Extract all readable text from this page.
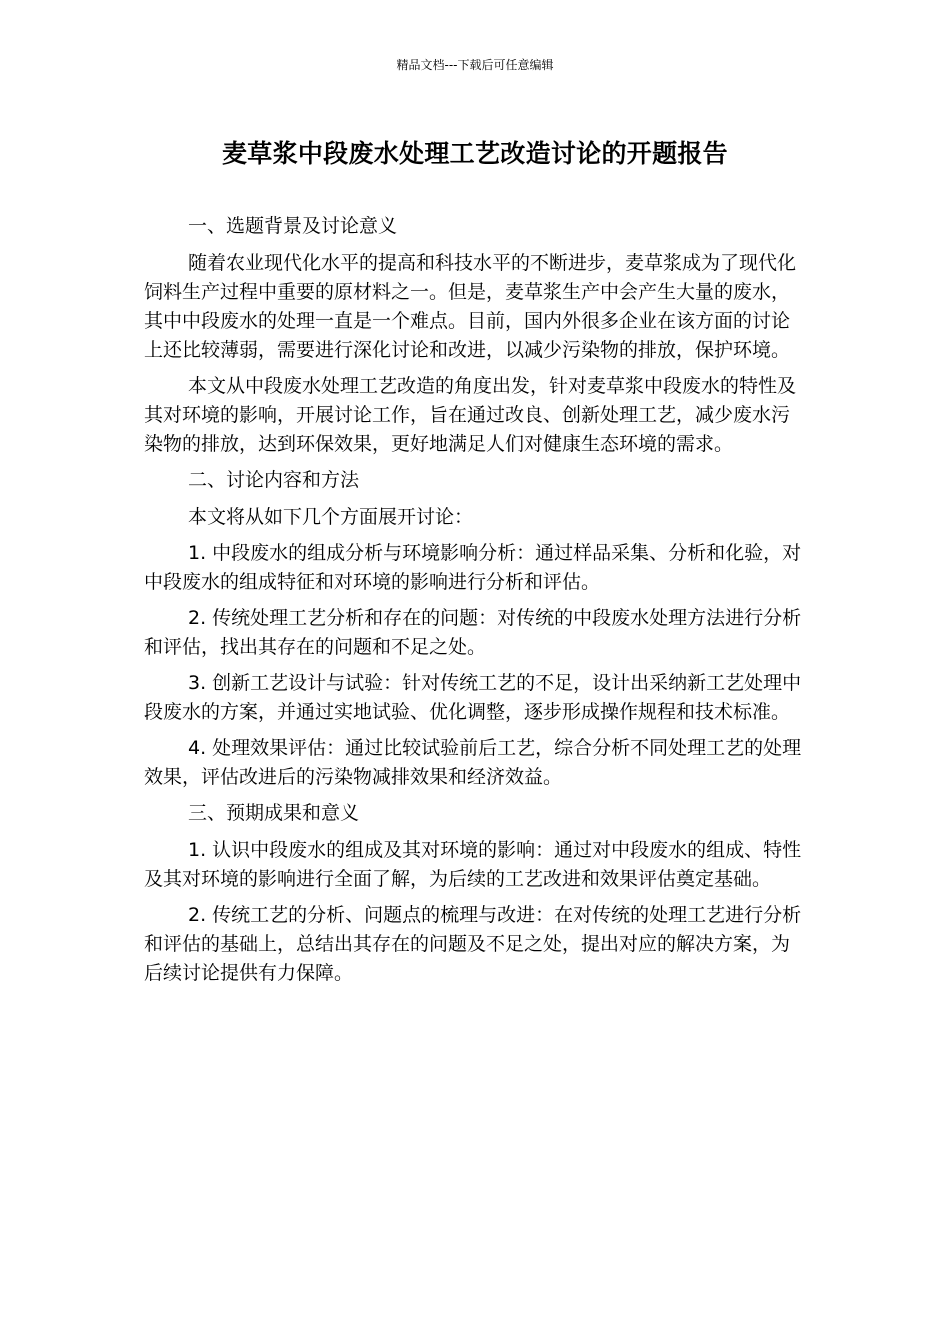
精品文档---下载后可任意编辑
麦草浆中段废水处理工艺改造讨论的开题报告

一、选题背景及讨论意义

随着农业现代化水平的提高和科技水平的不断进步，麦草浆成为了现代化饲料生产过程中重要的原材料之一。但是，麦草浆生产中会产生大量的废水，其中中段废水的处理一直是一个难点。目前，国内外很多企业在该方面的讨论上还比较薄弱，需要进行深化讨论和改进，以减少污染物的排放，保护环境。

本文从中段废水处理工艺改造的角度出发，针对麦草浆中段废水的特性及其对环境的影响，开展讨论工作，旨在通过改良、创新处理工艺，减少废水污染物的排放，达到环保效果，更好地满足人们对健康生态环境的需求。

二、讨论内容和方法

本文将从如下几个方面展开讨论：

1. 中段废水的组成分析与环境影响分析：通过样品采集、分析和化验，对中段废水的组成特征和对环境的影响进行分析和评估。

2. 传统处理工艺分析和存在的问题：对传统的中段废水处理方法进行分析和评估，找出其存在的问题和不足之处。

3. 创新工艺设计与试验：针对传统工艺的不足，设计出采纳新工艺处理中段废水的方案，并通过实地试验、优化调整，逐步形成操作规程和技术标准。

4. 处理效果评估：通过比较试验前后工艺，综合分析不同处理工艺的处理效果，评估改进后的污染物减排效果和经济效益。

三、预期成果和意义

1. 认识中段废水的组成及其对环境的影响：通过对中段废水的组成、特性及其对环境的影响进行全面了解，为后续的工艺改进和效果评估奠定基础。

2. 传统工艺的分析、问题点的梳理与改进：在对传统的处理工艺进行分析和评估的基础上，总结出其存在的问题及不足之处，提出对应的解决方案，为后续讨论提供有力保障。
